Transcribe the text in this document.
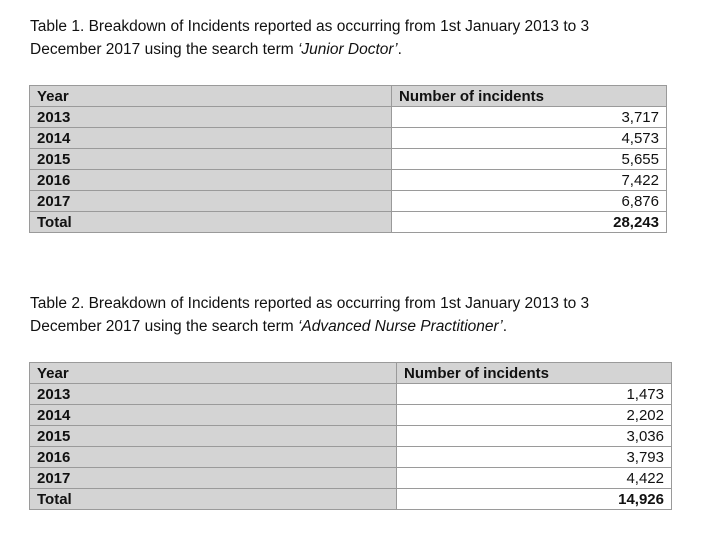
Table 1. Breakdown of Incidents reported as occurring from 1st January 2013 to 3
December 2017 using the search term ‘Junior Doctor’.
Year	Number of incidents
2013	3,717
2014	4,573
2015	5,655
2016	7,422
2017	6,876
Total	28,243
Table 2. Breakdown of Incidents reported as occurring from 1st January 2013 to 3
December 2017 using the search term ‘Advanced Nurse Practitioner’.
Year	Number of incidents
2013	1,473
2014	2,202
2015	3,036
2016	3,793
2017	4,422
Total	14,926
